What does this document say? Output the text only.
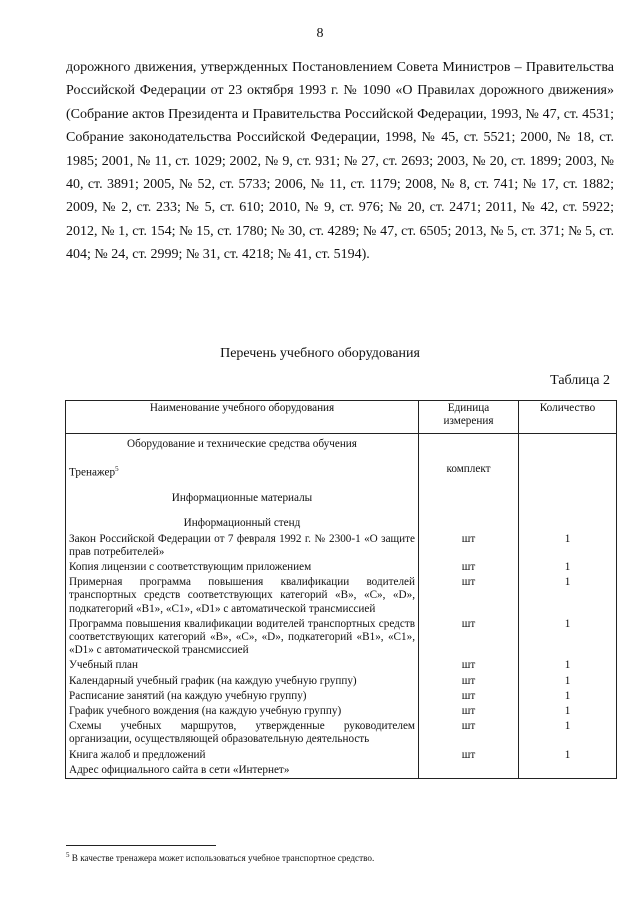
8

дорожного движения, утвержденных Постановлением Совета Министров – Правительства Российской Федерации от 23 октября 1993 г. № 1090 «О Правилах дорожного движения» (Собрание актов Президента и Правительства Российской Федерации, 1993, № 47, ст. 4531; Собрание законодательства Российской Федерации, 1998, № 45, ст. 5521; 2000, № 18, ст. 1985; 2001, № 11, ст. 1029; 2002, № 9, ст. 931; № 27, ст. 2693; 2003, № 20, ст. 1899; 2003, № 40, ст. 3891; 2005, № 52, ст. 5733; 2006, № 11, ст. 1179; 2008, № 8, ст. 741; № 17, ст. 1882; 2009, № 2, ст. 233; № 5, ст. 610; 2010, № 9, ст. 976; № 20, ст. 2471; 2011, № 42, ст. 5922; 2012, № 1, ст. 154; № 15, ст. 1780; № 30, ст. 4289; № 47, ст. 6505; 2013, № 5, ст. 371; № 5, ст. 404; № 24, ст. 2999; № 31, ст. 4218; № 41, ст. 5194).

Перечень учебного оборудования
Таблица 2
Наименование учебного оборудования	Единица измерения	Количество
Оборудование и технические средства обучения		

Тренажер$^5$	комплект	

Информационные материалы		

Информационный стенд		
Закон Российской Федерации от 7 февраля 1992 г. № 2300-1 «О защите прав потребителей»	шт	1
Копия лицензии с соответствующим приложением	шт	1
Примерная программа повышения квалификации водителей транспортных средств соответствующих категорий «B», «C», «D», подкатегорий «B1», «C1», «D1» с автоматической трансмиссией	шт	1
Программа повышения квалификации водителей транспортных средств соответствующих категорий «B», «C», «D», подкатегорий «B1», «C1», «D1» с автоматической трансмиссией	шт	1
Учебный план	шт	1
Календарный учебный график (на каждую учебную группу)	шт	1
Расписание занятий (на каждую учебную группу)	шт	1
График учебного вождения (на каждую учебную группу)	шт	1
Схемы учебных маршрутов, утвержденные руководителем организации, осуществляющей образовательную деятельность	шт	1
Книга жалоб и предложений	шт	1
Адрес официального сайта в сети «Интернет»		
$^5$ В качестве тренажера может использоваться учебное транспортное средство.
